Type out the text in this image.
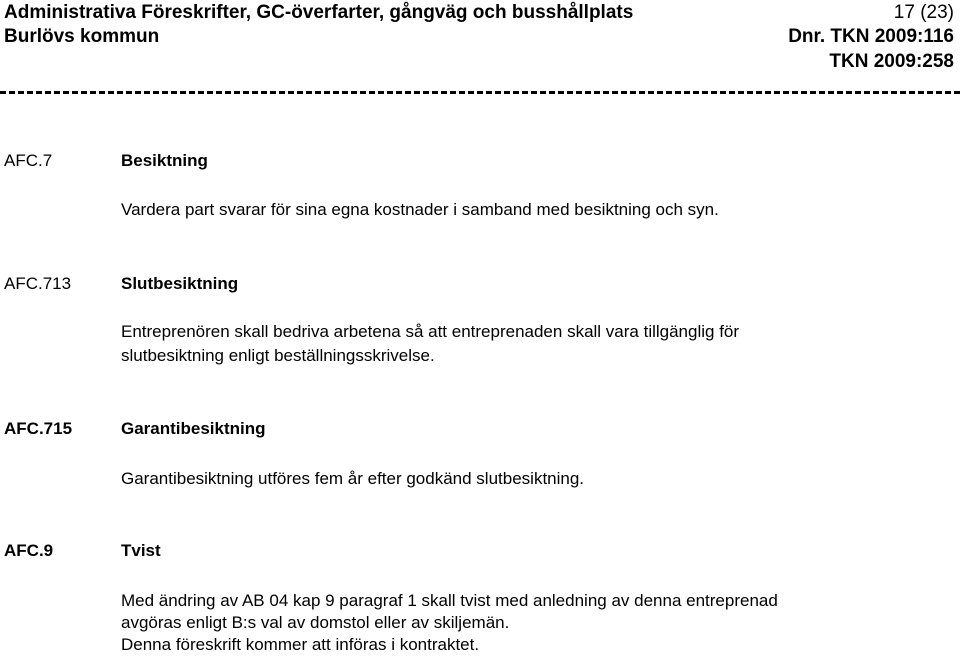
Administrativa Föreskrifter, GC-överfarter, gångväg och busshållplats	17 (23)
Burlövs kommun	Dnr. TKN 2009:116
TKN 2009:258
AFC.7	Besiktning
Vardera part svarar för sina egna kostnader i samband med besiktning och syn.
AFC.713	Slutbesiktning
Entreprenören skall bedriva arbetena så att entreprenaden skall vara tillgänglig för
slutbesiktning enligt beställningsskrivelse.
AFC.715	Garantibesiktning
Garantibesiktning utföres fem år efter godkänd slutbesiktning.
AFC.9	Tvist
Med ändring av AB 04 kap 9 paragraf 1 skall tvist med anledning av denna entreprenad
avgöras enligt B:s val av domstol eller av skiljemän.
Denna föreskrift kommer att införas i kontraktet.
